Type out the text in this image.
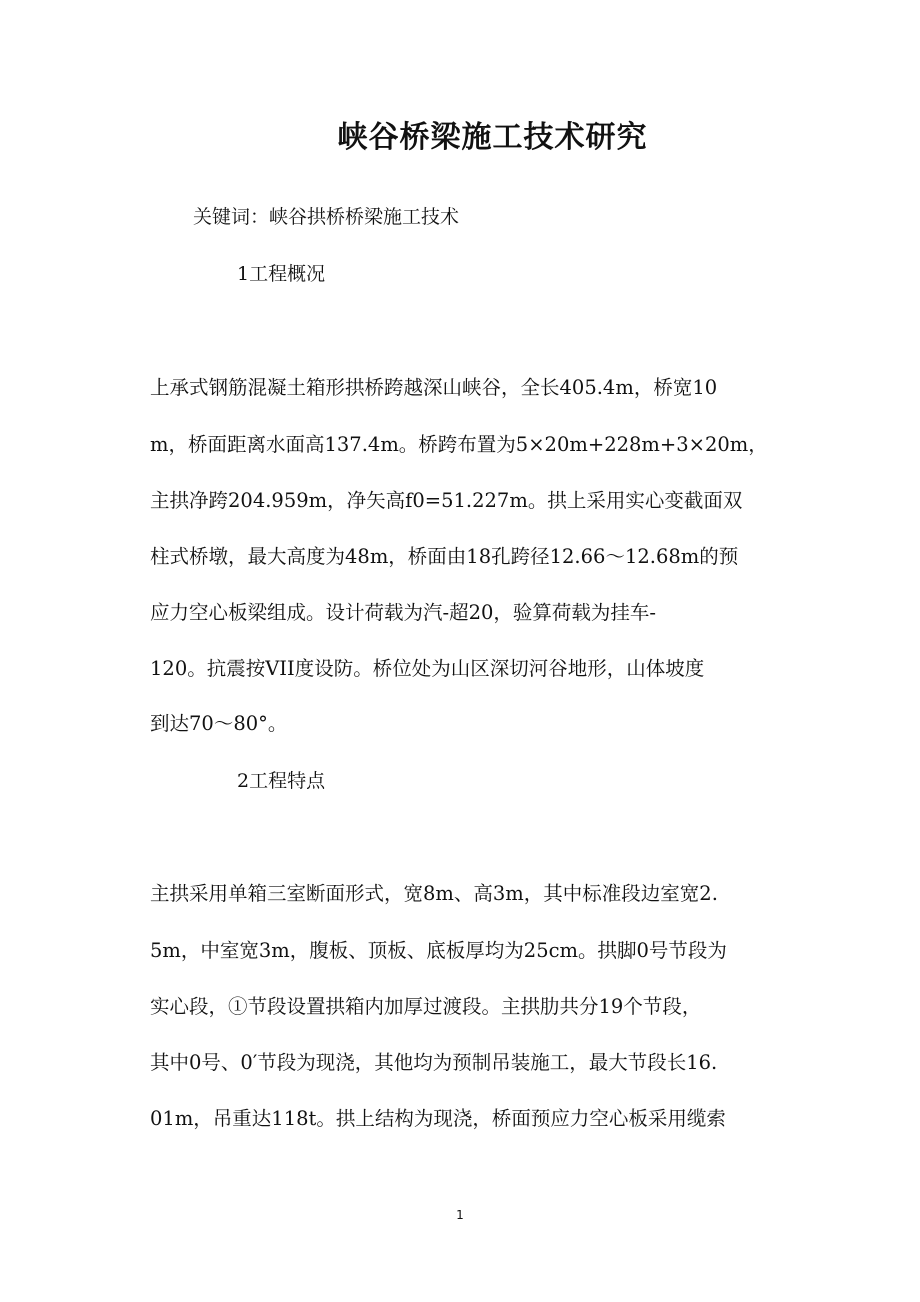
峡谷桥梁施工技术研究
关键词：峡谷拱桥桥梁施工技术
1工程概况
上承式钢筋混凝土箱形拱桥跨越深山峡谷，全长405.4m，桥宽10
m，桥面距离水面高137.4m。桥跨布置为5×20m+228m+3×20m，
主拱净跨204.959m，净矢高f0=51.227m。拱上采用实心变截面双
柱式桥墩，最大高度为48m，桥面由18孔跨径12.66～12.68m的预
应力空心板梁组成。设计荷载为汽-超20，验算荷载为挂车-
120。抗震按VII度设防。桥位处为山区深切河谷地形，山体坡度
到达70～80°。
2工程特点
主拱采用单箱三室断面形式，宽8m、高3m，其中标准段边室宽2.
5m，中室宽3m，腹板、顶板、底板厚均为25cm。拱脚0号节段为
实心段，①节段设置拱箱内加厚过渡段。主拱肋共分19个节段，
其中0号、0′节段为现浇，其他均为预制吊装施工，最大节段长16.
01m，吊重达118t。拱上结构为现浇，桥面预应力空心板采用缆索
1
